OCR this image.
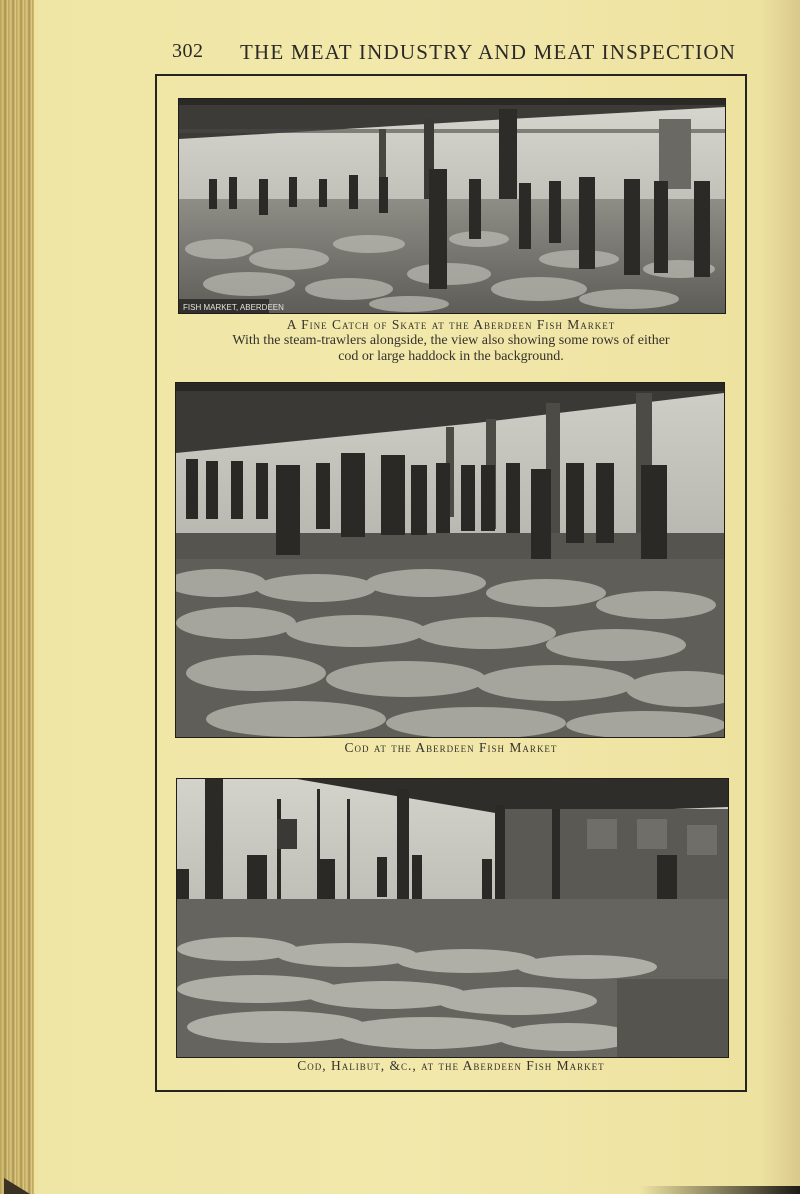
302 THE MEAT INDUSTRY AND MEAT INSPECTION
FISH MARKET, ABERDEEN
A Fine Catch of Skate at the Aberdeen Fish Market
With the steam-trawlers alongside, the view also showing some rows of either
cod or large haddock in the background.
Cod at the Aberdeen Fish Market
Cod, Halibut, &c., at the Aberdeen Fish Market
